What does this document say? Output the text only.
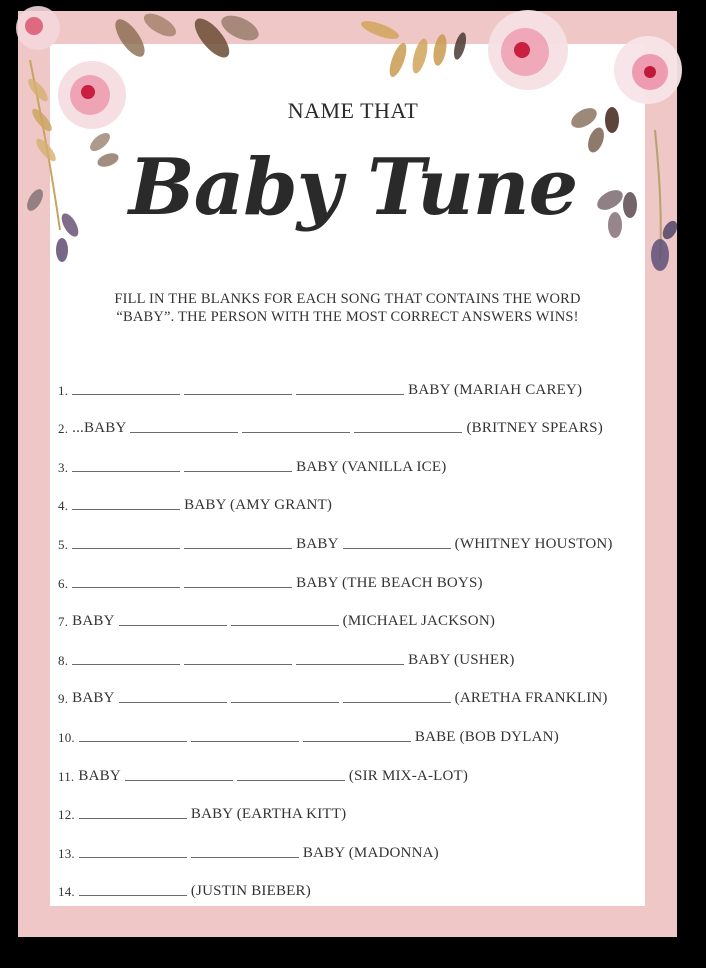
NAME THAT
Baby Tune
FILL IN THE BLANKS FOR EACH SONG THAT CONTAINS THE WORD
“BABY”. THE PERSON WITH THE MOST CORRECT ANSWERS WINS!
1.	BABY (MARIAH CAREY)
2. ...BABY	(BRITNEY SPEARS)
3.	BABY (VANILLA ICE)
4.	BABY (AMY GRANT)
5.	BABY	(WHITNEY HOUSTON)
6.	BABY (THE BEACH BOYS)
7. BABY	(MICHAEL JACKSON)
8.	BABY (USHER)
9. BABY	(ARETHA FRANKLIN)
10.	BABE (BOB DYLAN)
11. BABY	(SIR MIX-A-LOT)
12.	BABY (EARTHA KITT)
13.	BABY (MADONNA)
14.	(JUSTIN BIEBER)
